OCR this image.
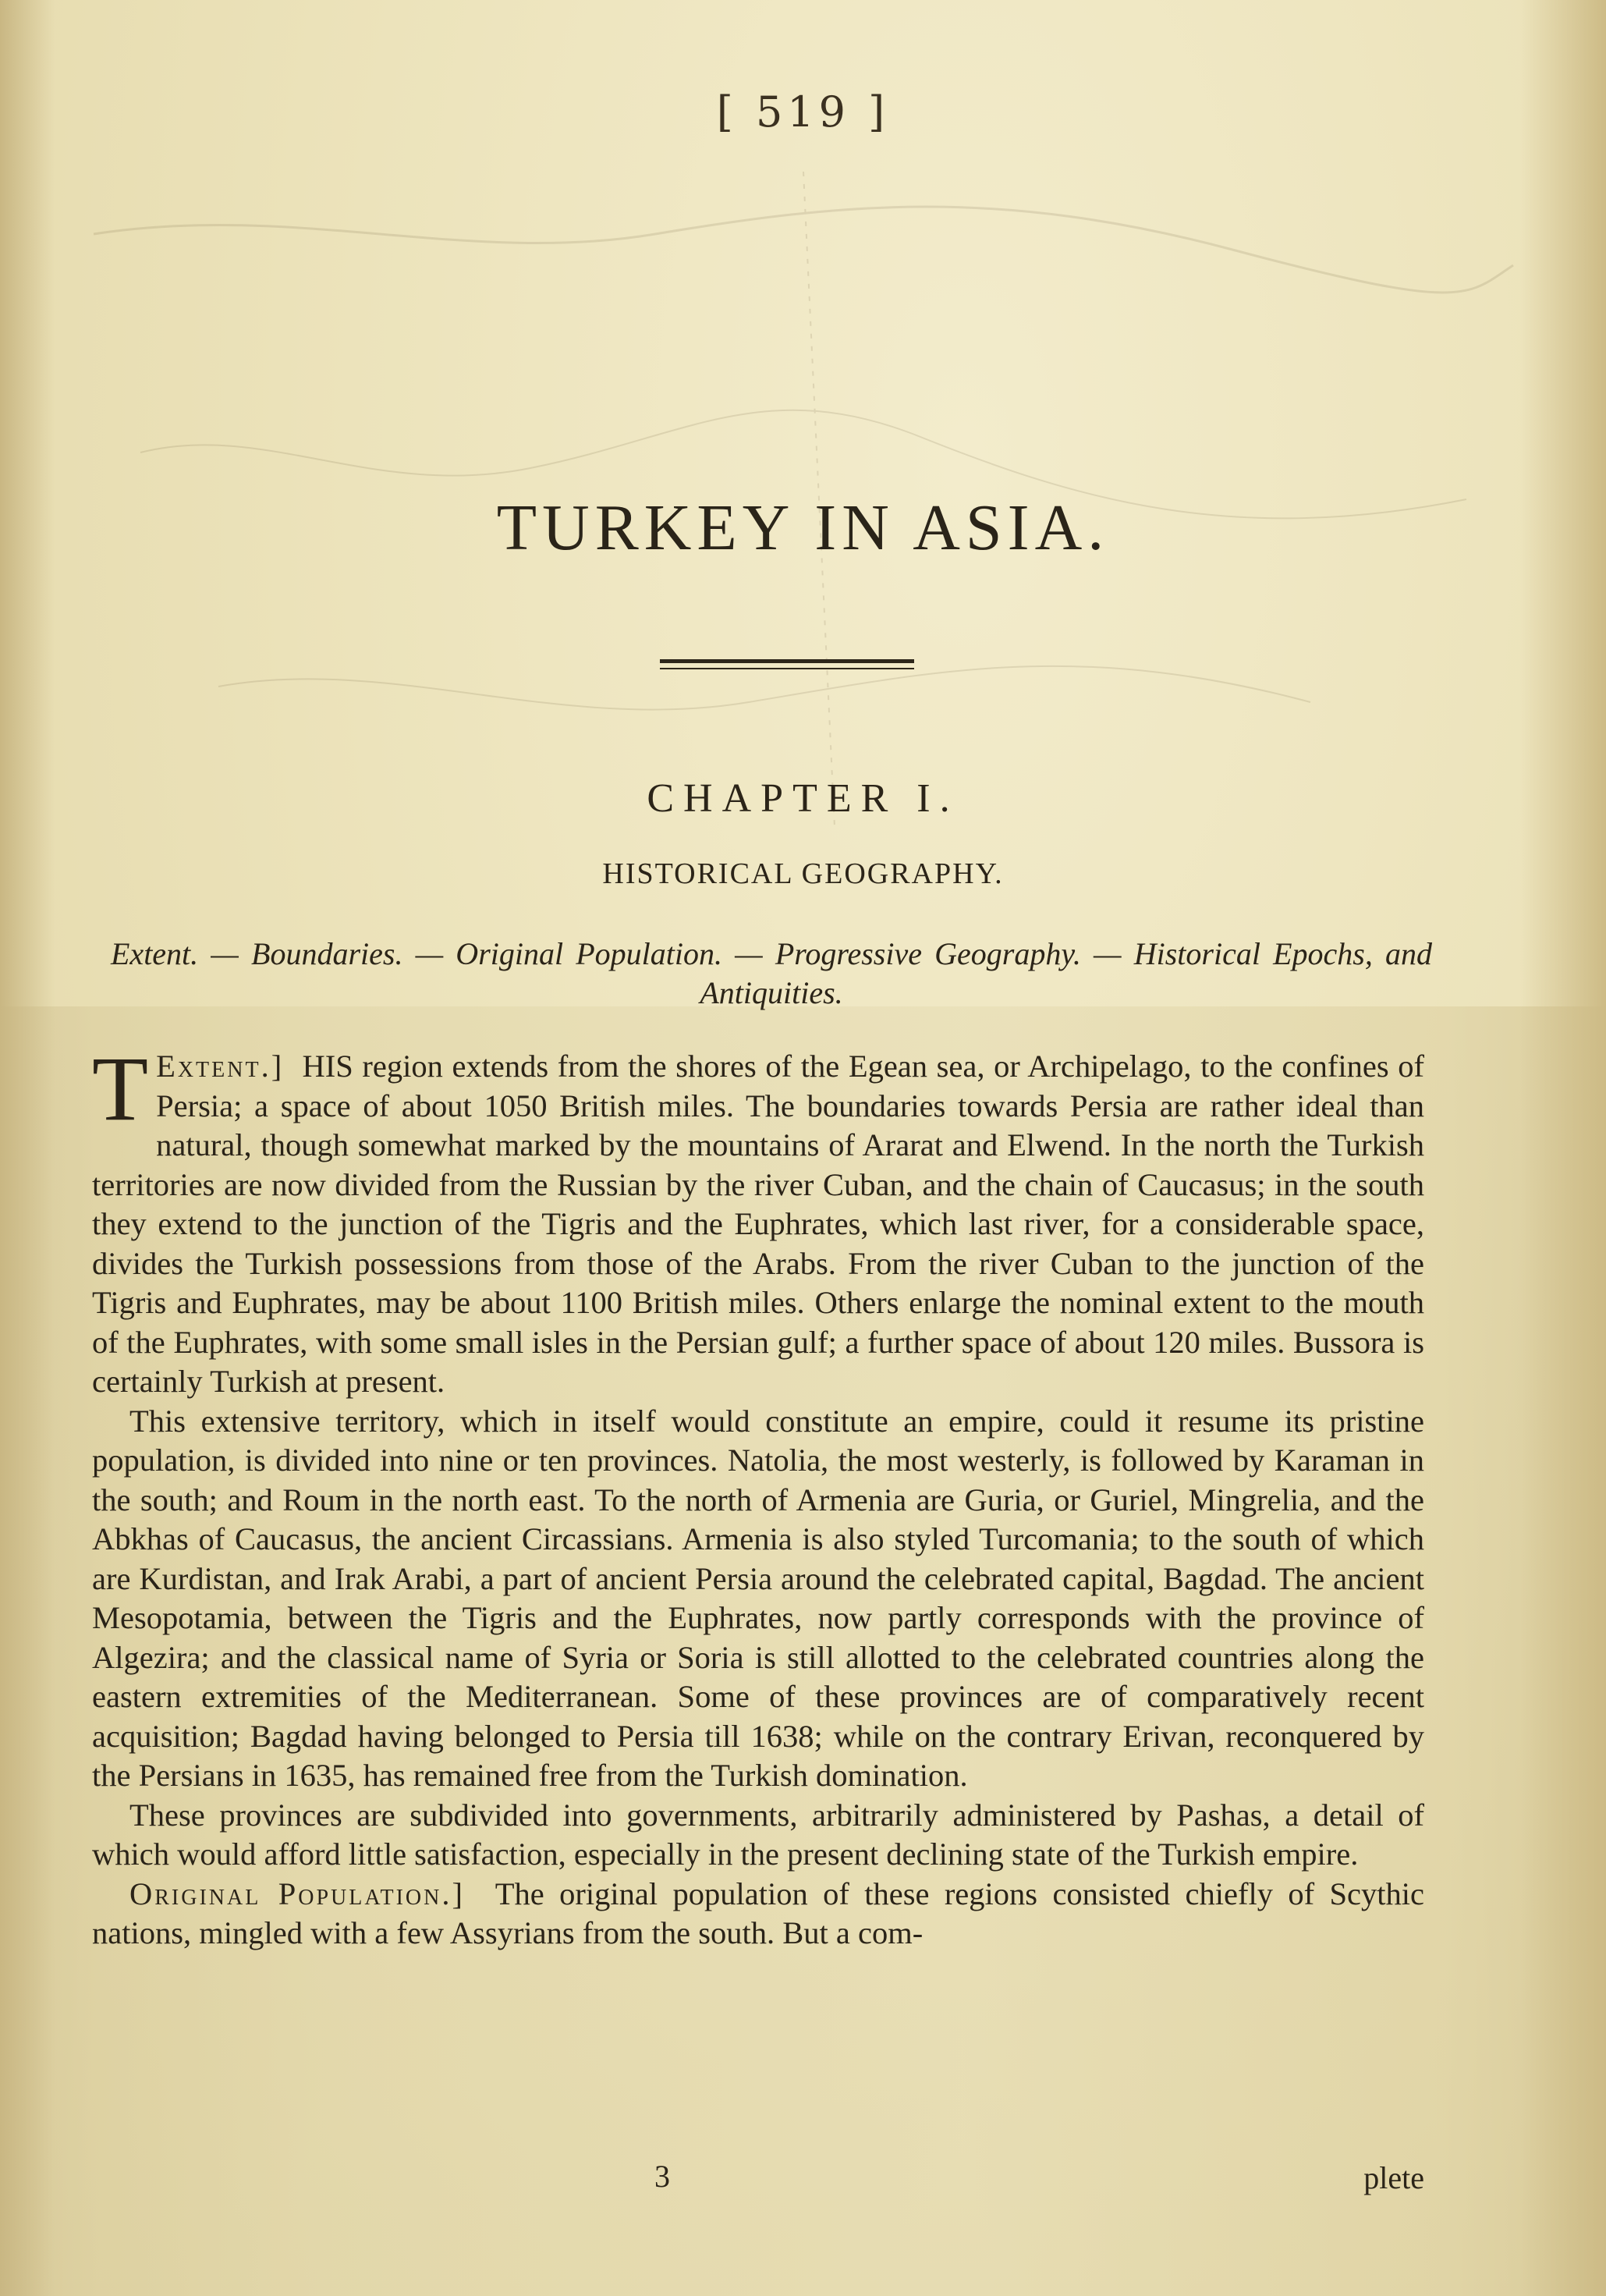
[ 519 ]
TURKEY IN ASIA.
CHAPTER I.
HISTORICAL GEOGRAPHY.
Extent. — Boundaries. — Original Population. — Progressive Geography. — Historical Epochs, and Antiquities.

Extent.]
T	HIS region extends from the shores of the Egean sea, or Archipelago, to the confines of Persia; a space of about 1050 British miles. The boundaries towards Persia are rather ideal than natural, though somewhat marked by the mountains of Ararat and Elwend. In the north the Turkish territories are now divided from the Russian by the river Cuban, and the chain of Caucasus; in the south they extend to the junction of the Tigris and the Euphrates, which last river, for a considerable space, divides the Turkish possessions from those of the Arabs. From the river Cuban to the junction of the Tigris and Euphrates, may be about 1100 British miles. Others enlarge the nominal extent to the mouth of the Euphrates, with some small isles in the Persian gulf; a further space of about 120 miles. Bussora is certainly Turkish at present.

This extensive territory, which in itself would constitute an empire, could it resume its pristine population, is divided into nine or ten provinces. Natolia, the most westerly, is followed by Karaman in the south; and Roum in the north east. To the north of Armenia are Guria, or Guriel, Mingrelia, and the Abkhas of Caucasus, the ancient Circassians. Armenia is also styled Turcomania; to the south of which are Kurdistan, and Irak Arabi, a part of ancient Persia around the celebrated capital, Bagdad. The ancient Mesopotamia, between the Tigris and the Euphrates, now partly corresponds with the province of Algezira; and the classical name of Syria or Soria is still allotted to the celebrated countries along the eastern extremities of the Mediterranean. Some of these provinces are of comparatively recent acquisition; Bagdad having belonged to Persia till 1638; while on the contrary Erivan, reconquered by the Persians in 1635, has remained free from the Turkish domination.

These provinces are subdivided into governments, arbitrarily administered by Pashas, a detail of which would afford little satisfaction, especially in the present declining state of the Turkish empire.

Original Population.] The original population of these regions consisted chiefly of Scythic nations, mingled with a few Assyrians from the south. But a com-

3	plete
